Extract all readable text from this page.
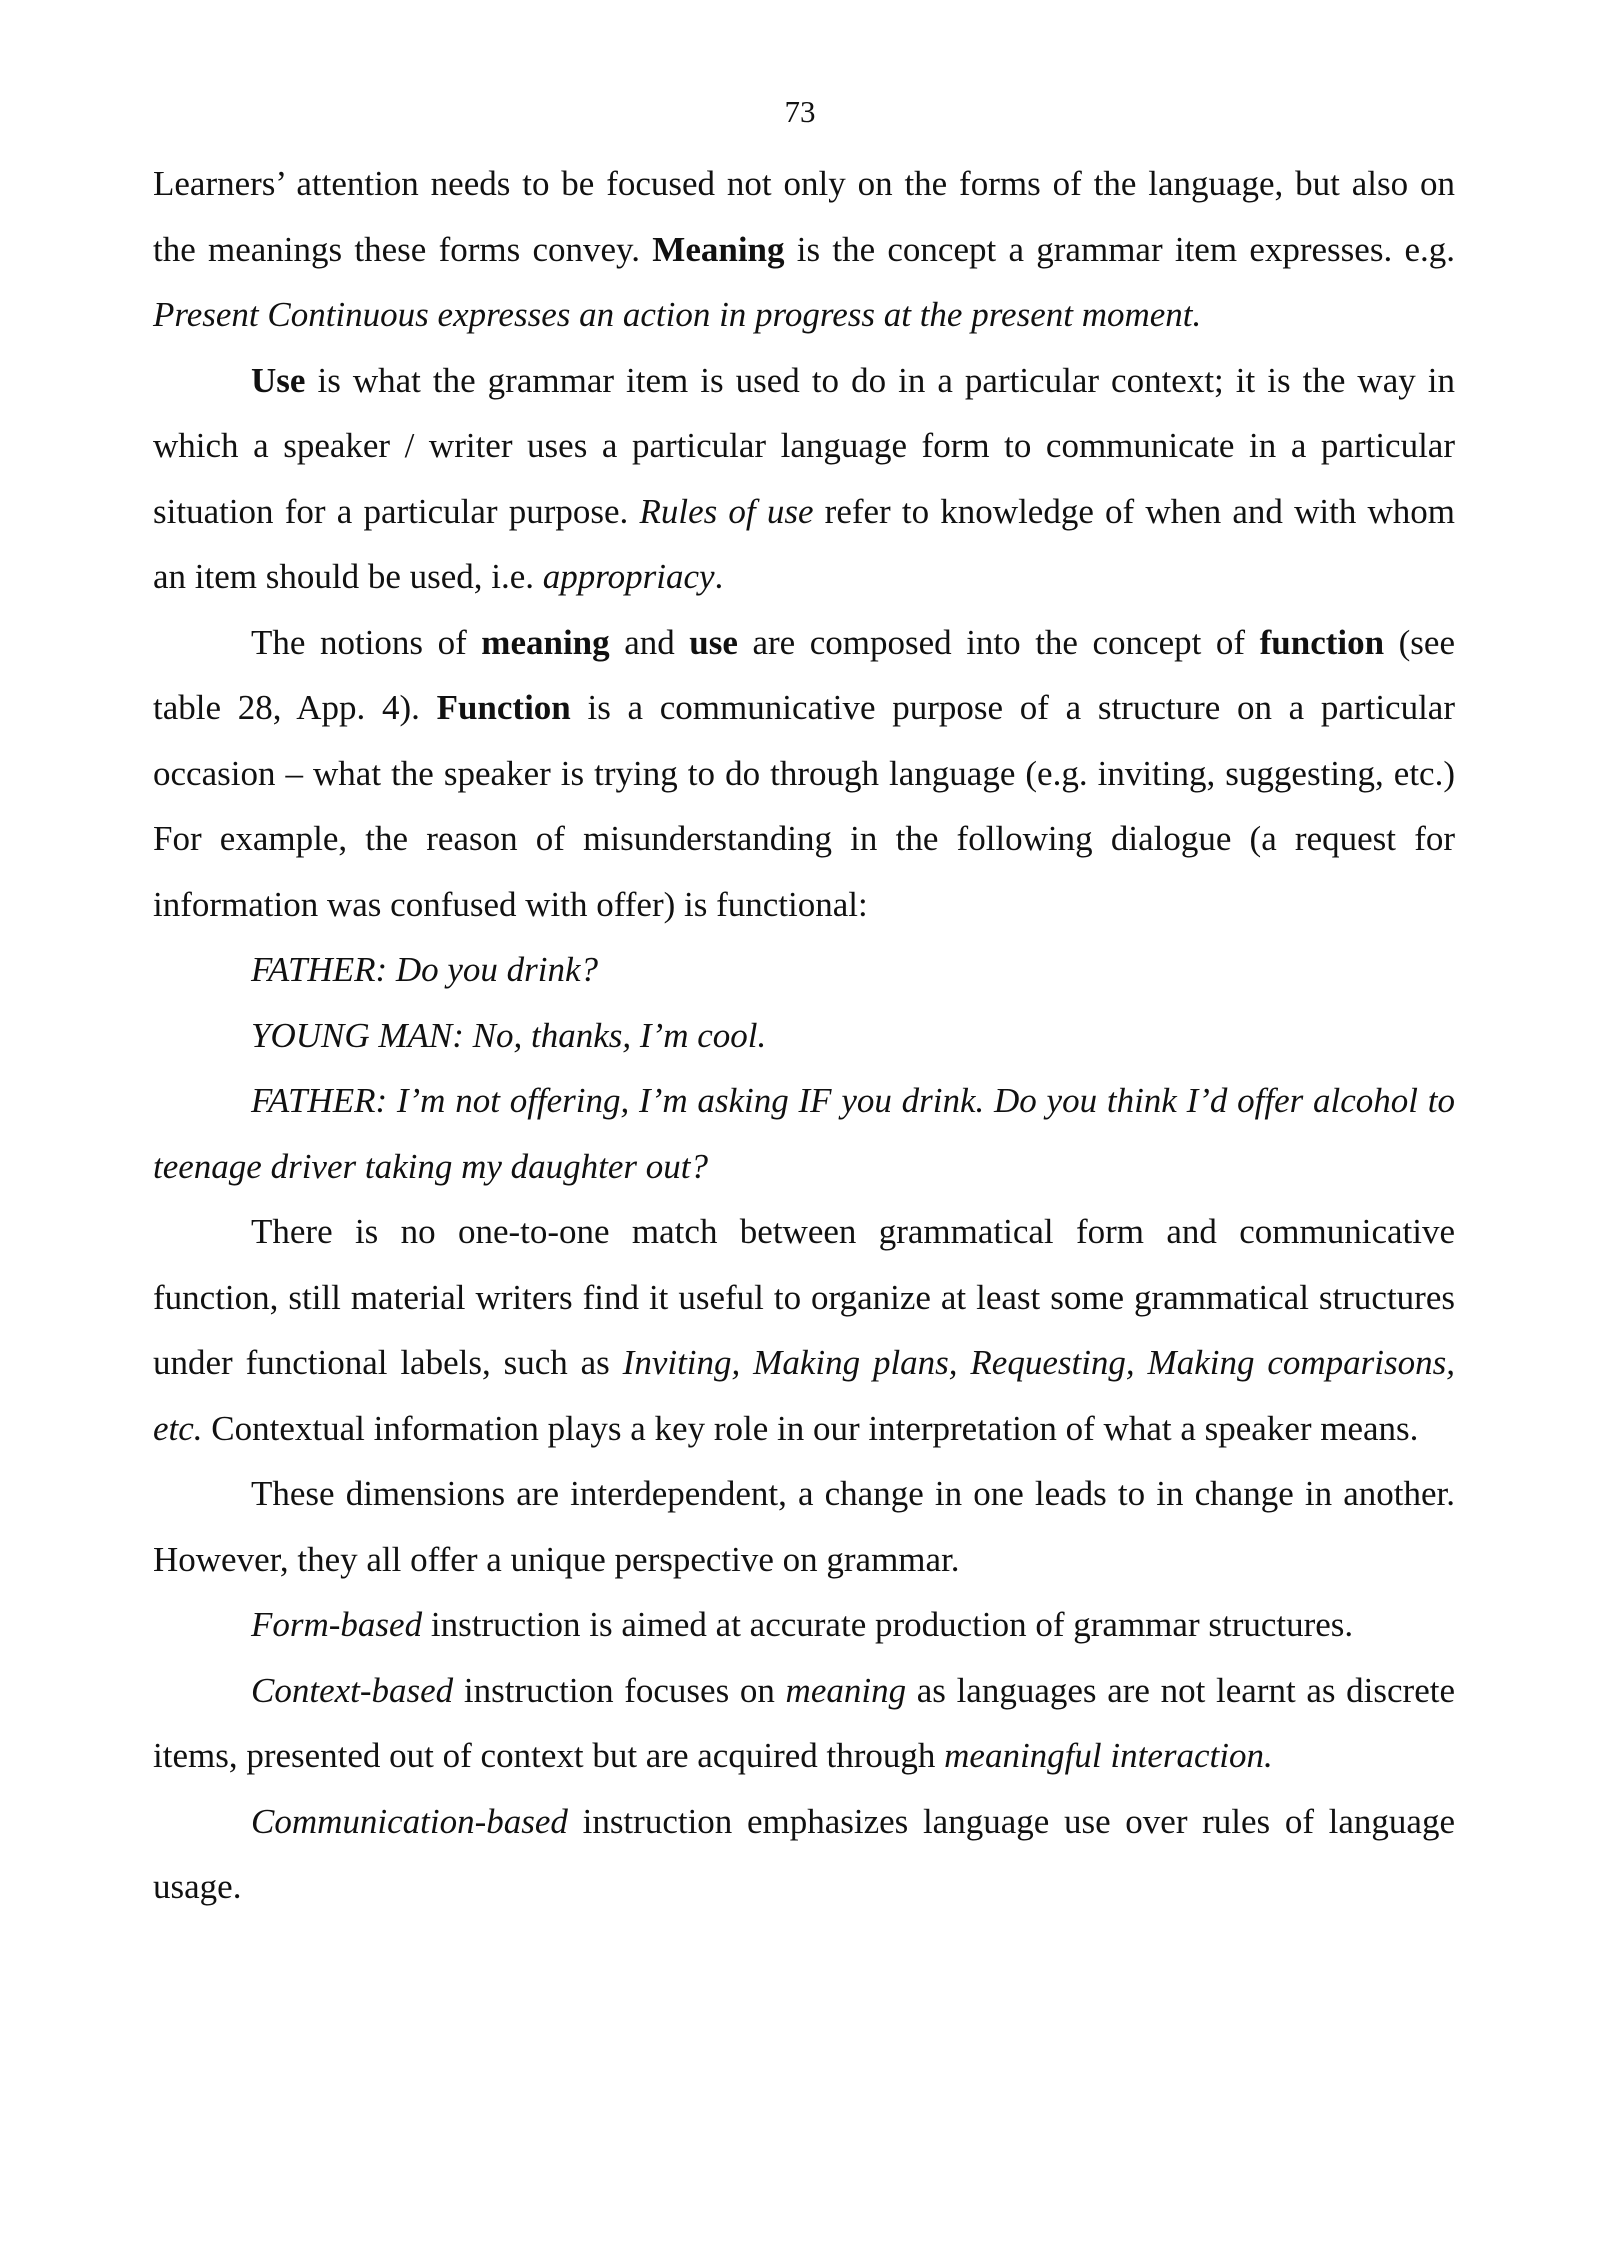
73

Learners’ attention needs to be focused not only on the forms of the language, but also on the meanings these forms convey. Meaning is the concept a grammar item expresses. e.g. Present Continuous expresses an action in progress at the present moment.

Use is what the grammar item is used to do in a particular context; it is the way in which a speaker / writer uses a particular language form to communicate in a particular situation for a particular purpose. Rules of use refer to knowledge of when and with whom an item should be used, i.e. appropriacy.

The notions of meaning and use are composed into the concept of function (see table 28, App. 4). Function is a communicative purpose of a structure on a particular occasion – what the speaker is trying to do through language (e.g. inviting, suggesting, etc.) For example, the reason of misunderstanding in the following dialogue (a request for information was confused with offer) is functional:

FATHER: Do you drink?

YOUNG MAN: No, thanks, I’m cool.

FATHER: I’m not offering, I’m asking IF you drink. Do you think I’d offer alcohol to teenage driver taking my daughter out?

There is no one-to-one match between grammatical form and communicative function, still material writers find it useful to organize at least some grammatical structures under functional labels, such as Inviting, Making plans, Requesting, Making comparisons, etc. Contextual information plays a key role in our interpretation of what a speaker means.

These dimensions are interdependent, a change in one leads to in change in another. However, they all offer a unique perspective on grammar.

Form-based instruction is aimed at accurate production of grammar structures.

Context-based instruction focuses on meaning as languages are not learnt as discrete items, presented out of context but are acquired through meaningful interaction.

Communication-based instruction emphasizes language use over rules of language usage.
